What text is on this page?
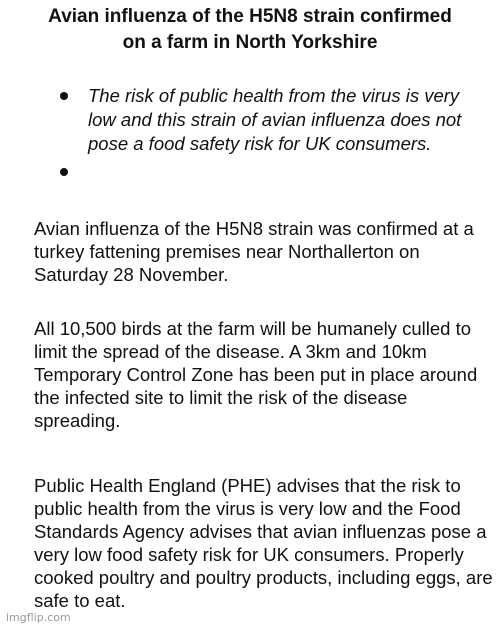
Avian influenza of the H5N8 strain confirmed
on a farm in North Yorkshire
The risk of public health from the virus is very low and this strain of avian influenza does not pose a food safety risk for UK consumers.

Avian influenza of the H5N8 strain was confirmed at a turkey fattening premises near Northallerton on Saturday 28 November.

All 10,500 birds at the farm will be humanely culled to limit the spread of the disease. A 3km and 10km Temporary Control Zone has been put in place around the infected site to limit the risk of the disease spreading.

Public Health England (PHE) advises that the risk to public health from the virus is very low and the Food Standards Agency advises that avian influenzas pose a very low food safety risk for UK consumers. Properly cooked poultry and poultry products, including eggs, are safe to eat.

imgflip.com
